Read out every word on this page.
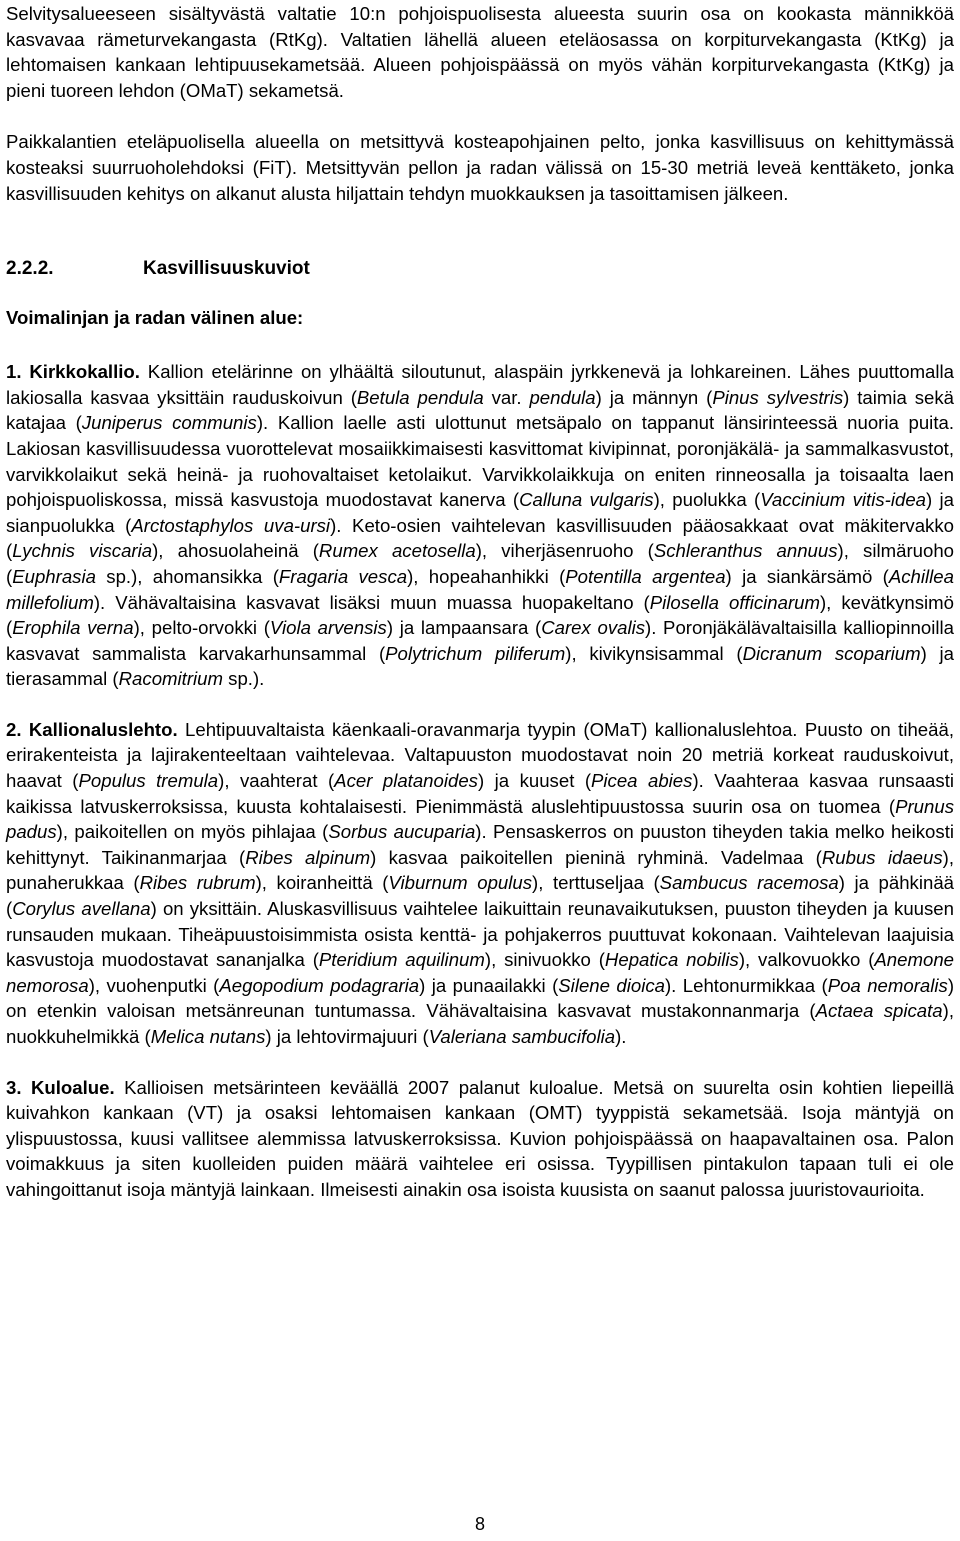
Selvitysalueeseen sisältyvästä valtatie 10:n pohjoispuolisesta alueesta suurin osa on kookasta männikköä kasvavaa rämeturvekangasta (RtKg). Valtatien lähellä alueen eteläosassa on korpiturvekangasta (KtKg) ja lehtomaisen kankaan lehtipuusekametsää. Alueen pohjoispäässä on myös vähän korpiturvekangasta (KtKg) ja pieni tuoreen lehdon (OMaT) sekametsä.

Paikkalantien eteläpuolisella alueella on metsittyvä kosteapohjainen pelto, jonka kasvillisuus on kehittymässä kosteaksi suurruoholehdoksi (FiT). Metsittyvän pellon ja radan välissä on 15-30 metriä leveä kenttäketo, jonka kasvillisuuden kehitys on alkanut alusta hiljattain tehdyn muokkauksen ja tasoittamisen jälkeen.

2.2.2.	Kasvillisuuskuviot
Voimalinjan ja radan välinen alue:

1. Kirkkokallio. Kallion etelärinne on ylhäältä siloutunut, alaspäin jyrkkenevä ja lohkareinen. Lähes puuttomalla lakiosalla kasvaa yksittäin rauduskoivun (Betula pendula var. pendula) ja männyn (Pinus sylvestris) taimia sekä katajaa (Juniperus communis). Kallion laelle asti ulottunut metsäpalo on tappanut länsirinteessä nuoria puita. Lakiosan kasvillisuudessa vuorottelevat mosaiikkimaisesti kasvittomat kivipinnat, poronjäkälä- ja sammalkasvustot, varvikkolaikut sekä heinä- ja ruohovaltaiset ketolaikut. Varvikkolaikkuja on eniten rinneosalla ja toisaalta laen pohjoispuoliskossa, missä kasvustoja muodostavat kanerva (Calluna vulgaris), puolukka (Vaccinium vitis-idea) ja sianpuolukka (Arctostaphylos uva-ursi). Keto-osien vaihtelevan kasvillisuuden pääosakkaat ovat mäkitervakko (Lychnis viscaria), ahosuolaheinä (Rumex acetosella), viherjäsenruoho (Schleranthus annuus), silmäruoho (Euphrasia sp.), ahomansikka (Fragaria vesca), hopeahanhikki (Potentilla argentea) ja siankärsämö (Achillea millefolium). Vähävaltaisina kasvavat lisäksi muun muassa huopakeltano (Pilosella officinarum), kevätkynsimö (Erophila verna), pelto-orvokki (Viola arvensis) ja lampaansara (Carex ovalis). Poronjäkälävaltaisilla kalliopinnoilla kasvavat sammalista karvakarhunsammal (Polytrichum piliferum), kivikynsisammal (Dicranum scoparium) ja tierasammal (Racomitrium sp.).

2. Kallionaluslehto. Lehtipuuvaltaista käenkaali-oravanmarja tyypin (OMaT) kallionaluslehtoa. Puusto on tiheää, erirakenteista ja lajirakenteeltaan vaihtelevaa. Valtapuuston muodostavat noin 20 metriä korkeat rauduskoivut, haavat (Populus tremula), vaahterat (Acer platanoides) ja kuuset (Picea abies). Vaahteraa kasvaa runsaasti kaikissa latvuskerroksissa, kuusta kohtalaisesti. Pienimmästä aluslehtipuustossa suurin osa on tuomea (Prunus padus), paikoitellen on myös pihlajaa (Sorbus aucuparia). Pensaskerros on puuston tiheyden takia melko heikosti kehittynyt. Taikinanmarjaa (Ribes alpinum) kasvaa paikoitellen pieninä ryhminä. Vadelmaa (Rubus idaeus), punaherukkaa (Ribes rubrum), koiranheittä (Viburnum opulus), terttuseljaa (Sambucus racemosa) ja pähkinää (Corylus avellana) on yksittäin. Aluskasvillisuus vaihtelee laikuittain reunavaikutuksen, puuston tiheyden ja kuusen runsauden mukaan. Tiheäpuustoisimmista osista kenttä- ja pohjakerros puuttuvat kokonaan. Vaihtelevan laajuisia kasvustoja muodostavat sananjalka (Pteridium aquilinum), sinivuokko (Hepatica nobilis), valkovuokko (Anemone nemorosa), vuohenputki (Aegopodium podagraria) ja punaailakki (Silene dioica). Lehtonurmikkaa (Poa nemoralis) on etenkin valoisan metsänreunan tuntumassa. Vähävaltaisina kasvavat mustakonnanmarja (Actaea spicata), nuokkuhelmikkä (Melica nutans) ja lehtovirmajuuri (Valeriana sambucifolia).

3. Kuloalue. Kallioisen metsärinteen keväällä 2007 palanut kuloalue. Metsä on suurelta osin kohtien liepeillä kuivahkon kankaan (VT) ja osaksi lehtomaisen kankaan (OMT) tyyppistä sekametsää. Isoja mäntyjä on ylispuustossa, kuusi vallitsee alemmissa latvuskerroksissa. Kuvion pohjoispäässä on haapavaltainen osa. Palon voimakkuus ja siten kuolleiden puiden määrä vaihtelee eri osissa. Tyypillisen pintakulon tapaan tuli ei ole vahingoittanut isoja mäntyjä lainkaan. Ilmeisesti ainakin osa isoista kuusista on saanut palossa juuristovaurioita.

8
